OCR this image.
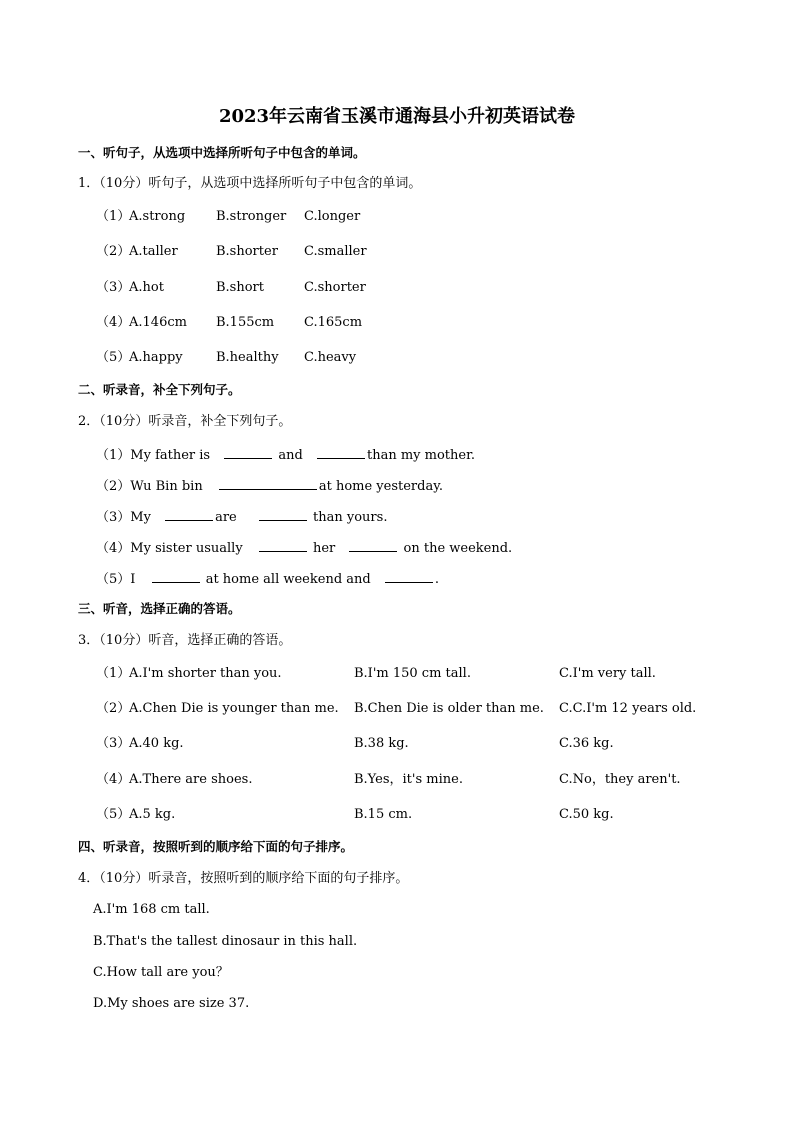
2023年云南省玉溪市通海县小升初英语试卷
一、听句子，从选项中选择所听句子中包含的单词。
1．（10分）听句子，从选项中选择所听句子中包含的单词。
（1）
A.strong B.stronger C.longer
（2）
A.taller	B.shorter C.smaller
（3）
A.hot	B.short	C.shorter
（4）
A.146cm B.155cm C.165cm
（5）
A.happy	B.healthy C.heavy
二、听录音，补全下列句子。
2．（10分）听录音，补全下列句子。
（1）My father is	and	than my mother.
（2）Wu Bin bin	at home yesterday.
（3）My	are	than yours.
（4）My sister usually	her	on the weekend.
（5）I	at home all weekend and	.
三、听音，选择正确的答语。
3．（10分）听音，选择正确的答语。
（1）
A.I'm shorter than you.	B.I'm 150 cm tall.	C.I'm very tall.
（2）
A.Chen Die is younger than me. B.Chen Die is older than me. C.C.I'm 12 years old.
（3）
A.40 kg.	B.38 kg.	C.36 kg.
（4）
A.There are shoes.	B.Yes，it's mine.	C.No，they aren't.
（5）
A.5 kg.	B.15 cm.	C.50 kg.
四、听录音，按照听到的顺序给下面的句子排序。
4．（10分）听录音，按照听到的顺序给下面的句子排序。
A.I'm 168 cm tall.
B.That's the tallest dinosaur in this hall.
C.How tall are you？
D.My shoes are size 37.
